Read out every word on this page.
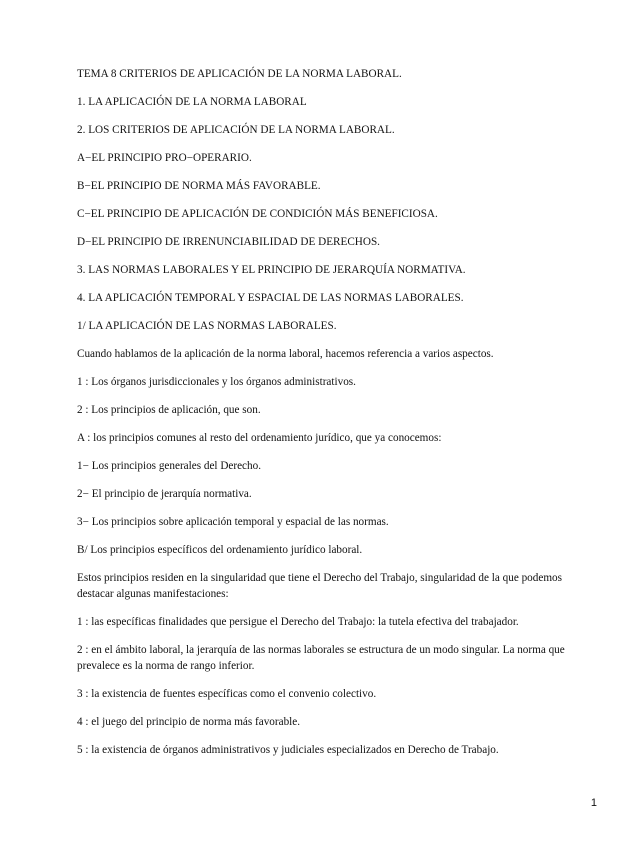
TEMA 8 CRITERIOS DE APLICACIÓN DE LA NORMA LABORAL.

1. LA APLICACIÓN DE LA NORMA LABORAL

2. LOS CRITERIOS DE APLICACIÓN DE LA NORMA LABORAL.

A−EL PRINCIPIO PRO−OPERARIO.

B−EL PRINCIPIO DE NORMA MÁS FAVORABLE.

C−EL PRINCIPIO DE APLICACIÓN DE CONDICIÓN MÁS BENEFICIOSA.

D−EL PRINCIPIO DE IRRENUNCIABILIDAD DE DERECHOS.

3. LAS NORMAS LABORALES Y EL PRINCIPIO DE JERARQUÍA NORMATIVA.

4. LA APLICACIÓN TEMPORAL Y ESPACIAL DE LAS NORMAS LABORALES.

1/ LA APLICACIÓN DE LAS NORMAS LABORALES.

Cuando hablamos de la aplicación de la norma laboral, hacemos referencia a varios aspectos.

1 : Los órganos jurisdiccionales y los órganos administrativos.

2 : Los principios de aplicación, que son.

A : los principios comunes al resto del ordenamiento jurídico, que ya conocemos:

1− Los principios generales del Derecho.

2− El principio de jerarquía normativa.

3− Los principios sobre aplicación temporal y espacial de las normas.

B/ Los principios específicos del ordenamiento jurídico laboral.

Estos principios residen en la singularidad que tiene el Derecho del Trabajo, singularidad de la que podemos destacar algunas manifestaciones:

1 : las específicas finalidades que persigue el Derecho del Trabajo: la tutela efectiva del trabajador.

2 : en el ámbito laboral, la jerarquía de las normas laborales se estructura de un modo singular. La norma que prevalece es la norma de rango inferior.

3 : la existencia de fuentes específicas como el convenio colectivo.

4 : el juego del principio de norma más favorable.

5 : la existencia de órganos administrativos y judiciales especializados en Derecho de Trabajo.

1
